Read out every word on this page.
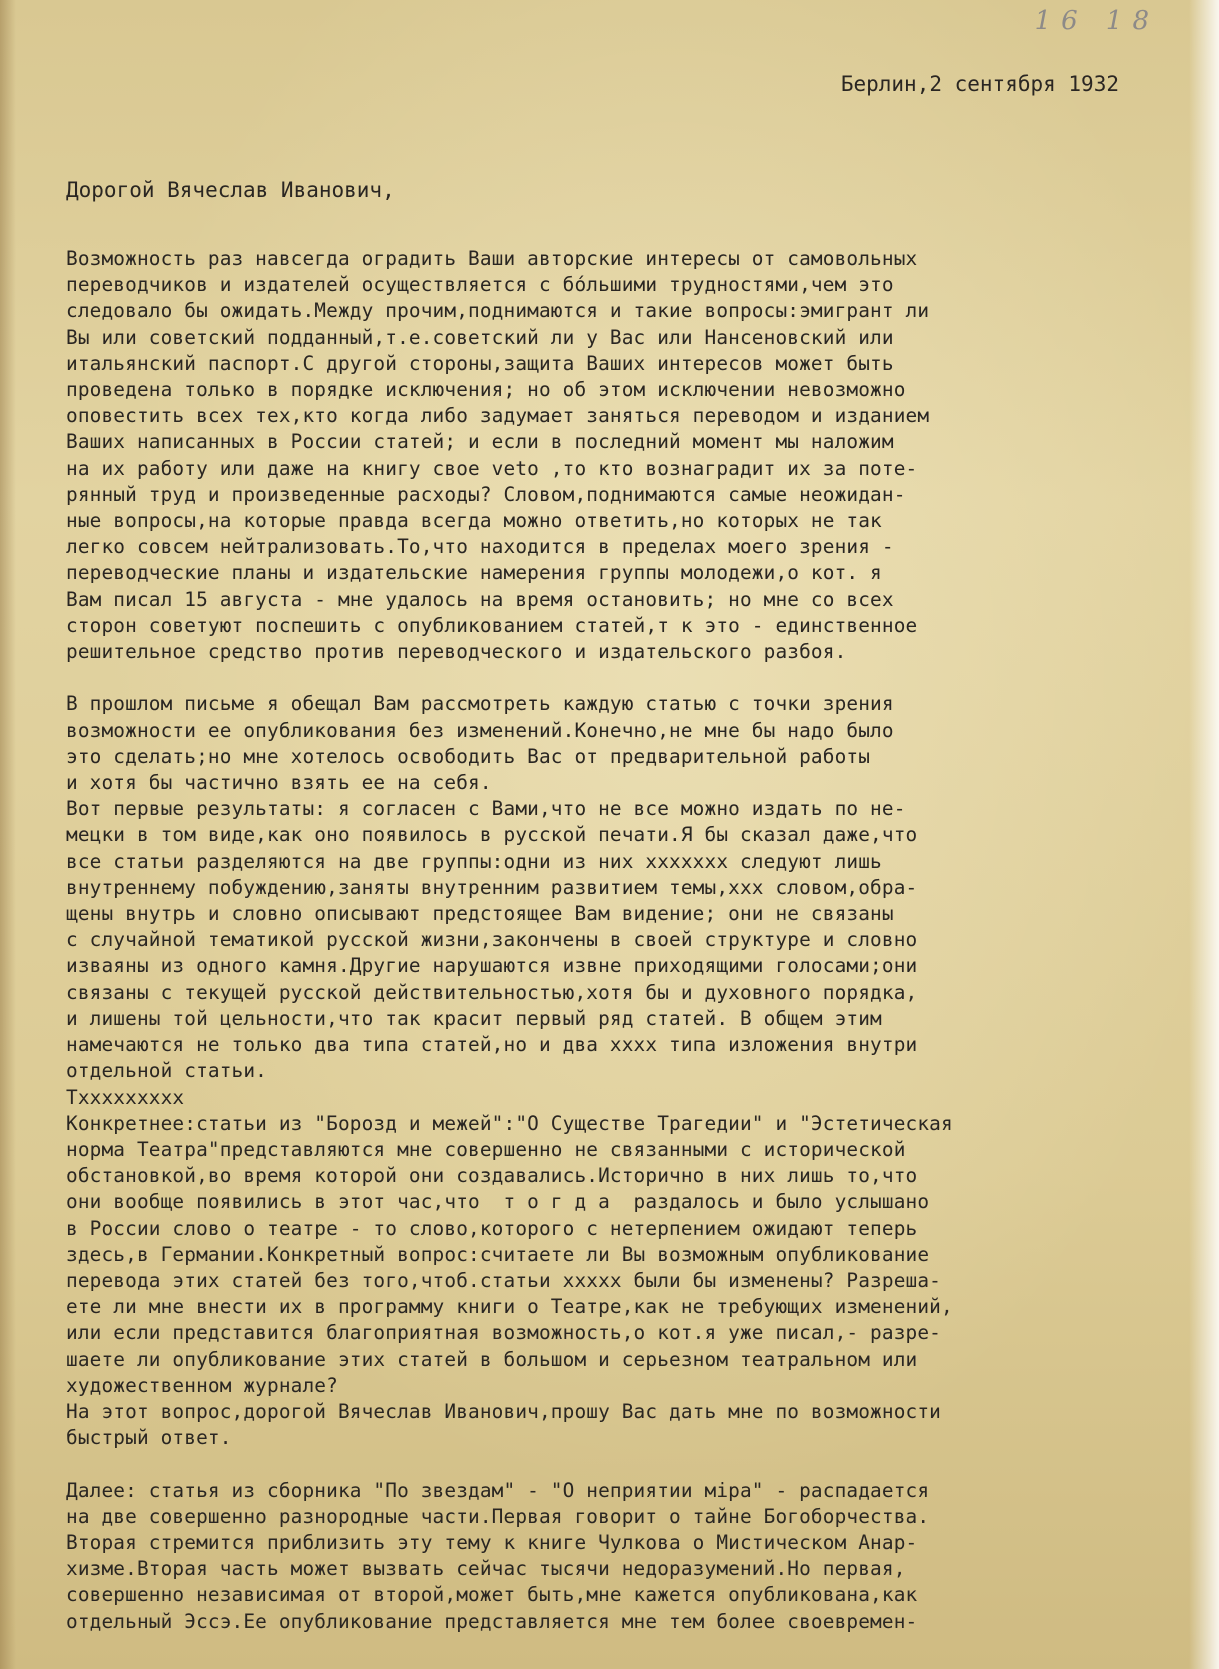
16 18
Берлин,2 сентября 1932
Дорогой Вячеслав Иванович,
Возможность раз навсегда оградить Ваши авторские интересы от самовольных
переводчиков и издателей осуществляется с бо́льшими трудностями,чем это
следовало бы ожидать.Между прочим,поднимаются и такие вопросы:эмигрант ли
Вы или советский подданный,т.е.советский ли у Вас или Нансеновский или
итальянский паспорт.С другой стороны,защита Ваших интересов может быть
проведена только в порядке исключения; но об этом исключении невозможно
оповестить всех тех,кто когда либо задумает заняться переводом и изданием
Ваших написанных в России статей; и если в последний момент мы наложим
на их работу или даже на книгу свое veto ,то кто вознаградит их за поте-
рянный труд и произведенные расходы? Словом,поднимаются самые неожидан-
ные вопросы,на которые правда всегда можно ответить,но которых не так
легко совсем нейтрализовать.То,что находится в пределах моего зрения -
переводческие планы и издательские намерения группы молодежи,о кот. я
Вам писал 15 августа - мне удалось на время остановить; но мне со всех
сторон советуют поспешить с опубликованием статей,т к это - единственное
решительное средство против переводческого и издательского разбоя.

В прошлом письме я обещал Вам рассмотреть каждую статью с точки зрения
возможности ее опубликования без изменений.Конечно,не мне бы надо было
это сделать;но мне хотелось освободить Вас от предварительной работы
и хотя бы частично взять ее на себя.
Вот первые результаты: я согласен с Вами,что не все можно издать по не-
мецки в том виде,как оно появилось в русской печати.Я бы сказал даже,что
все статьи разделяются на две группы:одни из них ххххххх следуют лишь
внутреннему побуждению,заняты внутренним развитием темы,ххх словом,обра-
щены внутрь и словно описывают предстоящее Вам видение; они не связаны
с случайной тематикой русской жизни,закончены в своей структуре и словно
изваяны из одного камня.Другие нарушаются извне приходящими голосами;они
связаны с текущей русской действительностью,хотя бы и духовного порядка,
и лишены той цельности,что так красит первый ряд статей. В общем этим
намечаются не только два типа статей,но и два хххх типа изложения внутри
отдельной статьи.
Тххххххххх
Конкретнее:статьи из "Борозд и межей":"О Существе Трагедии" и "Эстетическая
норма Театра"представляются мне совершенно не связанными с исторической
обстановкой,во время которой они создавались.Исторично в них лишь то,что
они вообще появились в этот час,что  т о г д а  раздалось и было услышано
в России слово о театре - то слово,которого с нетерпением ожидают теперь
здесь,в Германии.Конкретный вопрос:считаете ли Вы возможным опубликование
перевода этих статей без того,чтоб.статьи ххххх были бы изменены? Разреша-
ете ли мне внести их в программу книги о Театре,как не требующих изменений,
или если представится благоприятная возможность,о кот.я уже писал,- разре-
шаете ли опубликование этих статей в большом и серьезном театральном или
художественном журнале?
На этот вопрос,дорогой Вячеслав Иванович,прошу Вас дать мне по возможности
быстрый ответ.

Далее: статья из сборника "По звездам" - "О неприятии мiра" - распадается
на две совершенно разнородные части.Первая говорит о тайне Богоборчества.
Вторая стремится приблизить эту тему к книге Чулкова о Мистическом Анар-
хизме.Вторая часть может вызвать сейчас тысячи недоразумений.Но первая,
совершенно независимая от второй,может быть,мне кажется опубликована,как
отдельный Эссэ.Ее опубликование представляется мне тем более своевремен-
